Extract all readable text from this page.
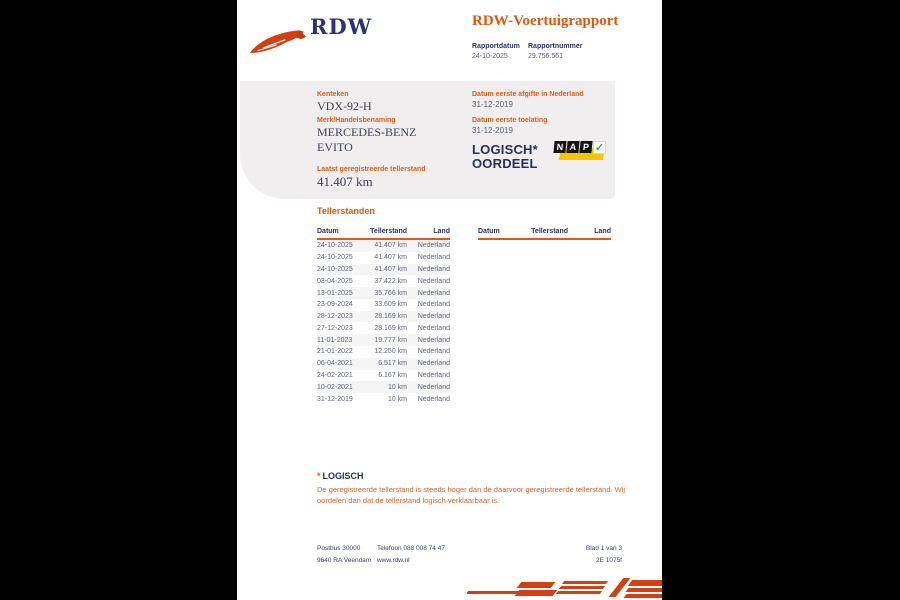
RDW	RDW-Voertuigrapport
Rapportdatum
24-10-2025
Rapportnummer
29.756.561
Kenteken
VDX-92-H
Merk/Handelsbenaming
MERCEDES-BENZ
EVITO
Laatst geregistreerde tellerstand
41.407 km
Datum eerste afgifte in Nederland
31-12-2019
Datum eerste toelating
31-12-2019
LOGISCH*
OORDEEL
N A P ✓
Tellerstanden
Datum	Tellerstand	Land
24-10-2025	41.407 km	Nederland
24-10-2025	41.407 km	Nederland
24-10-2025	41.407 km	Nederland
03-04-2025	37.422 km	Nederland
13-01-2025	35.766 km	Nederland
23-09-2024	33.609 km	Nederland
28-12-2023	28.169 km	Nederland
27-12-2023	28.169 km	Nederland
11-01-2023	19.777 km	Nederland
21-01-2022	12.250 km	Nederland
06-04-2021	6.517 km	Nederland
24-02-2021	6.167 km	Nederland
10-02-2021	10 km	Nederland
31-12-2019	10 km	Nederland
Datum	Tellerstand	Land
* LOGISCH
De geregistreerde tellerstand is steeds hoger dan de daarvoor geregistreerde tellerstand. Wij oordelen dan dat de tellerstand logisch verklaarbaar is.
Postbus 30000
9640 RA Veendam
Telefoon 088 008 74 47
www.rdw.nl
Blad 1 van 3
2E 1075f
